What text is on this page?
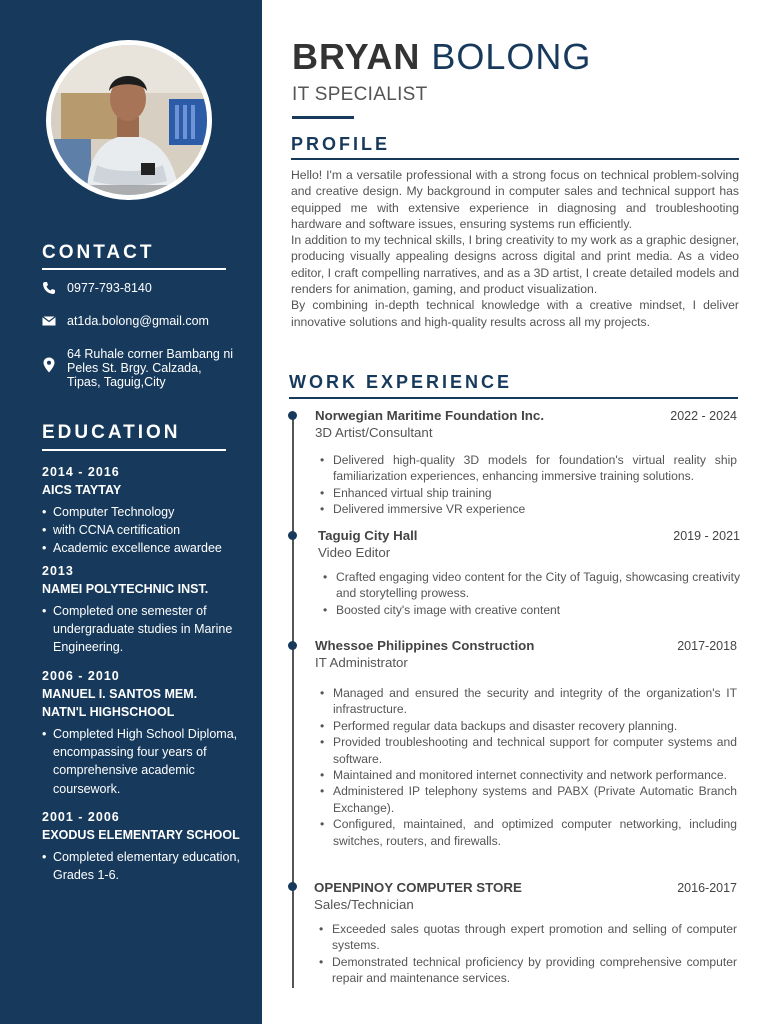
CONTACT
0977-793-8140
at1da.bolong@gmail.com
64 Ruhale corner Bambang ni Peles St. Brgy. Calzada, Tipas, Taguig,City
EDUCATION
2014 - 2016
AICS TAYTAY
• Computer Technology
• with CCNA certification
• Academic excellence awardee
2013
NAMEI POLYTECHNIC INST.
• Completed one semester of undergraduate studies in Marine Engineering.
2006 - 2010
MANUEL I. SANTOS MEM. NATN'L HIGHSCHOOL
• Completed High School Diploma, encompassing four years of comprehensive academic coursework.
2001 - 2006
EXODUS ELEMENTARY SCHOOL
• Completed elementary education, Grades 1-6.
BRYAN BOLONG
IT SPECIALIST
PROFILE

Hello! I'm a versatile professional with a strong focus on technical problem-solving and creative design. My background in computer sales and technical support has equipped me with extensive experience in diagnosing and troubleshooting hardware and software issues, ensuring systems run efficiently.

In addition to my technical skills, I bring creativity to my work as a graphic designer, producing visually appealing designs across digital and print media. As a video editor, I craft compelling narratives, and as a 3D artist, I create detailed models and renders for animation, gaming, and product visualization.

By combining in-depth technical knowledge with a creative mindset, I deliver innovative solutions and high-quality results across all my projects.

WORK EXPERIENCE
Norwegian Maritime Foundation Inc.	2022 - 2024
3D Artist/Consultant
• Delivered high-quality 3D models for foundation's virtual reality ship familiarization experiences, enhancing immersive training solutions.
• Enhanced virtual ship training
• Delivered immersive VR experience
Taguig City Hall	2019 - 2021
Video Editor
• Crafted engaging video content for the City of Taguig, showcasing creativity and storytelling prowess.
• Boosted city's image with creative content
Whessoe Philippines Construction	2017-2018
IT Administrator
• Managed and ensured the security and integrity of the organization's IT infrastructure.
• Performed regular data backups and disaster recovery planning.
• Provided troubleshooting and technical support for computer systems and software.
• Maintained and monitored internet connectivity and network performance.
• Administered IP telephony systems and PABX (Private Automatic Branch Exchange).
• Configured, maintained, and optimized computer networking, including switches, routers, and firewalls.
OPENPINOY COMPUTER STORE	2016-2017
Sales/Technician
• Exceeded sales quotas through expert promotion and selling of computer systems.
• Demonstrated technical proficiency by providing comprehensive computer repair and maintenance services.
